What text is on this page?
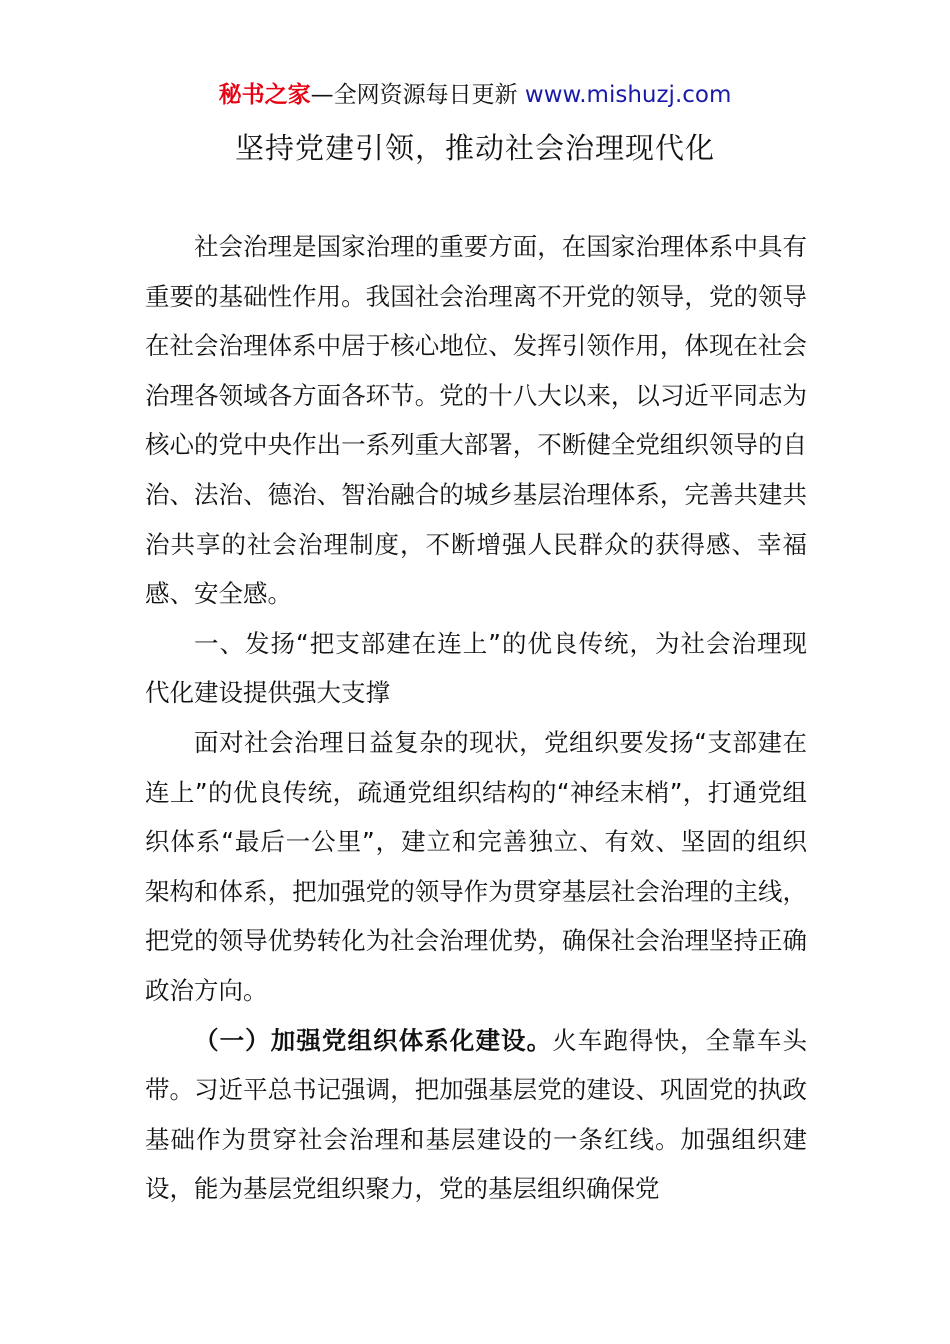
秘书之家—全网资源每日更新 www.mishuzj.com
坚持党建引领，推动社会治理现代化

社会治理是国家治理的重要方面，在国家治理体系中具有重要的基础性作用。我国社会治理离不开党的领导，党的领导在社会治理体系中居于核心地位、发挥引领作用，体现在社会治理各领域各方面各环节。党的十八大以来，以习近平同志为核心的党中央作出一系列重大部署，不断健全党组织领导的自治、法治、德治、智治融合的城乡基层治理体系，完善共建共治共享的社会治理制度，不断增强人民群众的获得感、幸福感、安全感。

一、发扬“把支部建在连上”的优良传统，为社会治理现代化建设提供强大支撑

面对社会治理日益复杂的现状，党组织要发扬“支部建在连上”的优良传统，疏通党组织结构的“神经末梢”，打通党组织体系“最后一公里”，建立和完善独立、有效、坚固的组织架构和体系，把加强党的领导作为贯穿基层社会治理的主线，把党的领导优势转化为社会治理优势，确保社会治理坚持正确政治方向。

（一）加强党组织体系化建设。火车跑得快，全靠车头带。习近平总书记强调，把加强基层党的建设、巩固党的执政基础作为贯穿社会治理和基层建设的一条红线。加强组织建设，能为基层党组织聚力，党的基层组织确保党
